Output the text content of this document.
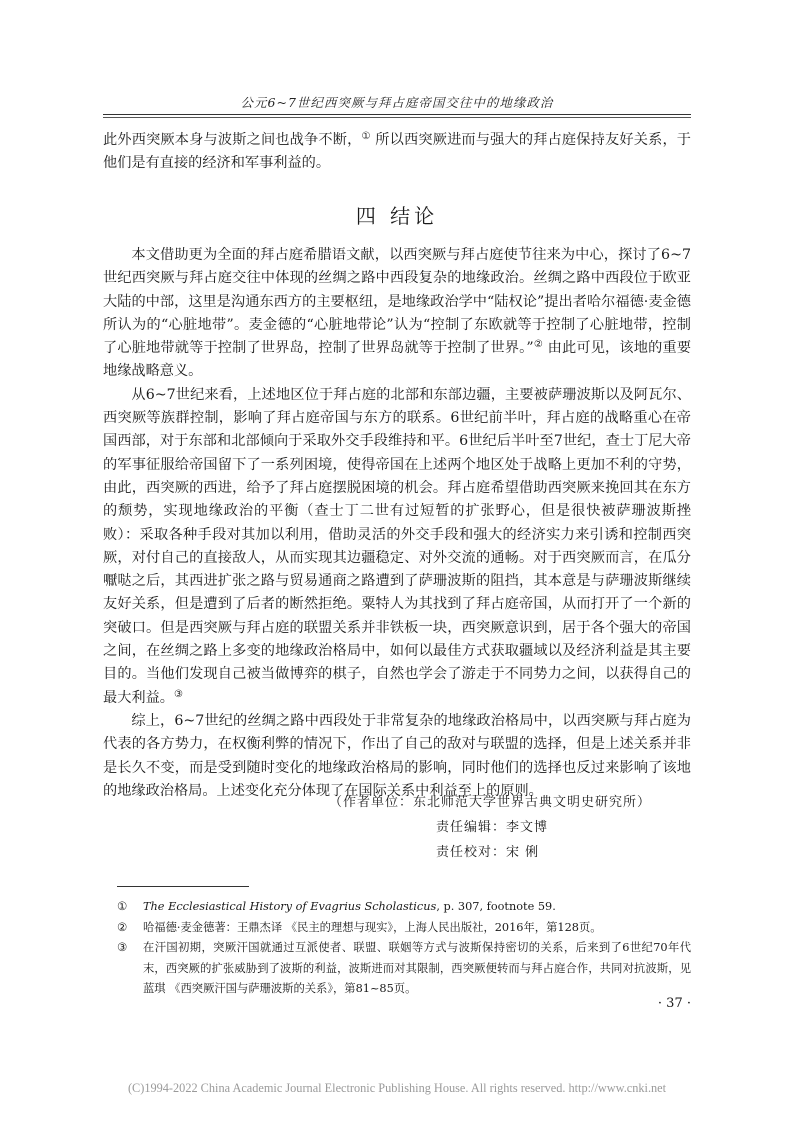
公元6~7世纪西突厥与拜占庭帝国交往中的地缘政治

此外西突厥本身与波斯之间也战争不断，① 所以西突厥进而与强大的拜占庭保持友好关系，于他们是有直接的经济和军事利益的。

四 结论

本文借助更为全面的拜占庭希腊语文献，以西突厥与拜占庭使节往来为中心，探讨了6~7世纪西突厥与拜占庭交往中体现的丝绸之路中西段复杂的地缘政治。丝绸之路中西段位于欧亚大陆的中部，这里是沟通东西方的主要枢纽，是地缘政治学中“陆权论”提出者哈尔福德·麦金德所认为的“心脏地带”。麦金德的“心脏地带论”认为“控制了东欧就等于控制了心脏地带，控制了心脏地带就等于控制了世界岛，控制了世界岛就等于控制了世界。”② 由此可见，该地的重要地缘战略意义。

从6~7世纪来看，上述地区位于拜占庭的北部和东部边疆，主要被萨珊波斯以及阿瓦尔、西突厥等族群控制，影响了拜占庭帝国与东方的联系。6世纪前半叶，拜占庭的战略重心在帝国西部，对于东部和北部倾向于采取外交手段维持和平。6世纪后半叶至7世纪，查士丁尼大帝的军事征服给帝国留下了一系列困境，使得帝国在上述两个地区处于战略上更加不利的守势，由此，西突厥的西进，给予了拜占庭摆脱困境的机会。拜占庭希望借助西突厥来挽回其在东方的颓势，实现地缘政治的平衡（查士丁二世有过短暂的扩张野心，但是很快被萨珊波斯挫败）：采取各种手段对其加以利用，借助灵活的外交手段和强大的经济实力来引诱和控制西突厥，对付自己的直接敌人，从而实现其边疆稳定、对外交流的通畅。对于西突厥而言，在瓜分嚈哒之后，其西进扩张之路与贸易通商之路遭到了萨珊波斯的阻挡，其本意是与萨珊波斯继续友好关系，但是遭到了后者的断然拒绝。粟特人为其找到了拜占庭帝国，从而打开了一个新的突破口。但是西突厥与拜占庭的联盟关系并非铁板一块，西突厥意识到，居于各个强大的帝国之间，在丝绸之路上多变的地缘政治格局中，如何以最佳方式获取疆域以及经济利益是其主要目的。当他们发现自己被当做博弈的棋子，自然也学会了游走于不同势力之间，以获得自己的最大利益。③

综上，6~7世纪的丝绸之路中西段处于非常复杂的地缘政治格局中，以西突厥与拜占庭为代表的各方势力，在权衡利弊的情况下，作出了自己的敌对与联盟的选择，但是上述关系并非是长久不变，而是受到随时变化的地缘政治格局的影响，同时他们的选择也反过来影响了该地的地缘政治格局。上述变化充分体现了在国际关系中利益至上的原则。

（作者单位：东北师范大学世界古典文明史研究所）
责任编辑：李文博
责任校对：宋 俐
①	The Ecclesiastical History of Evagrius Scholasticus, p. 307, footnote 59.
②	哈福德·麦金德著：王鼎杰译 《民主的理想与现实》，上海人民出版社，2016年，第128页。
③	在汗国初期，突厥汗国就通过互派使者、联盟、联姻等方式与波斯保持密切的关系，后来到了6世纪70年代末，西突厥的扩张威胁到了波斯的利益，波斯进而对其限制，西突厥便转而与拜占庭合作，共同对抗波斯，见蓝琪 《西突厥汗国与萨珊波斯的关系》，第81~85页。
· 37 ·
(C)1994-2022 China Academic Journal Electronic Publishing House. All rights reserved. http://www.cnki.net
